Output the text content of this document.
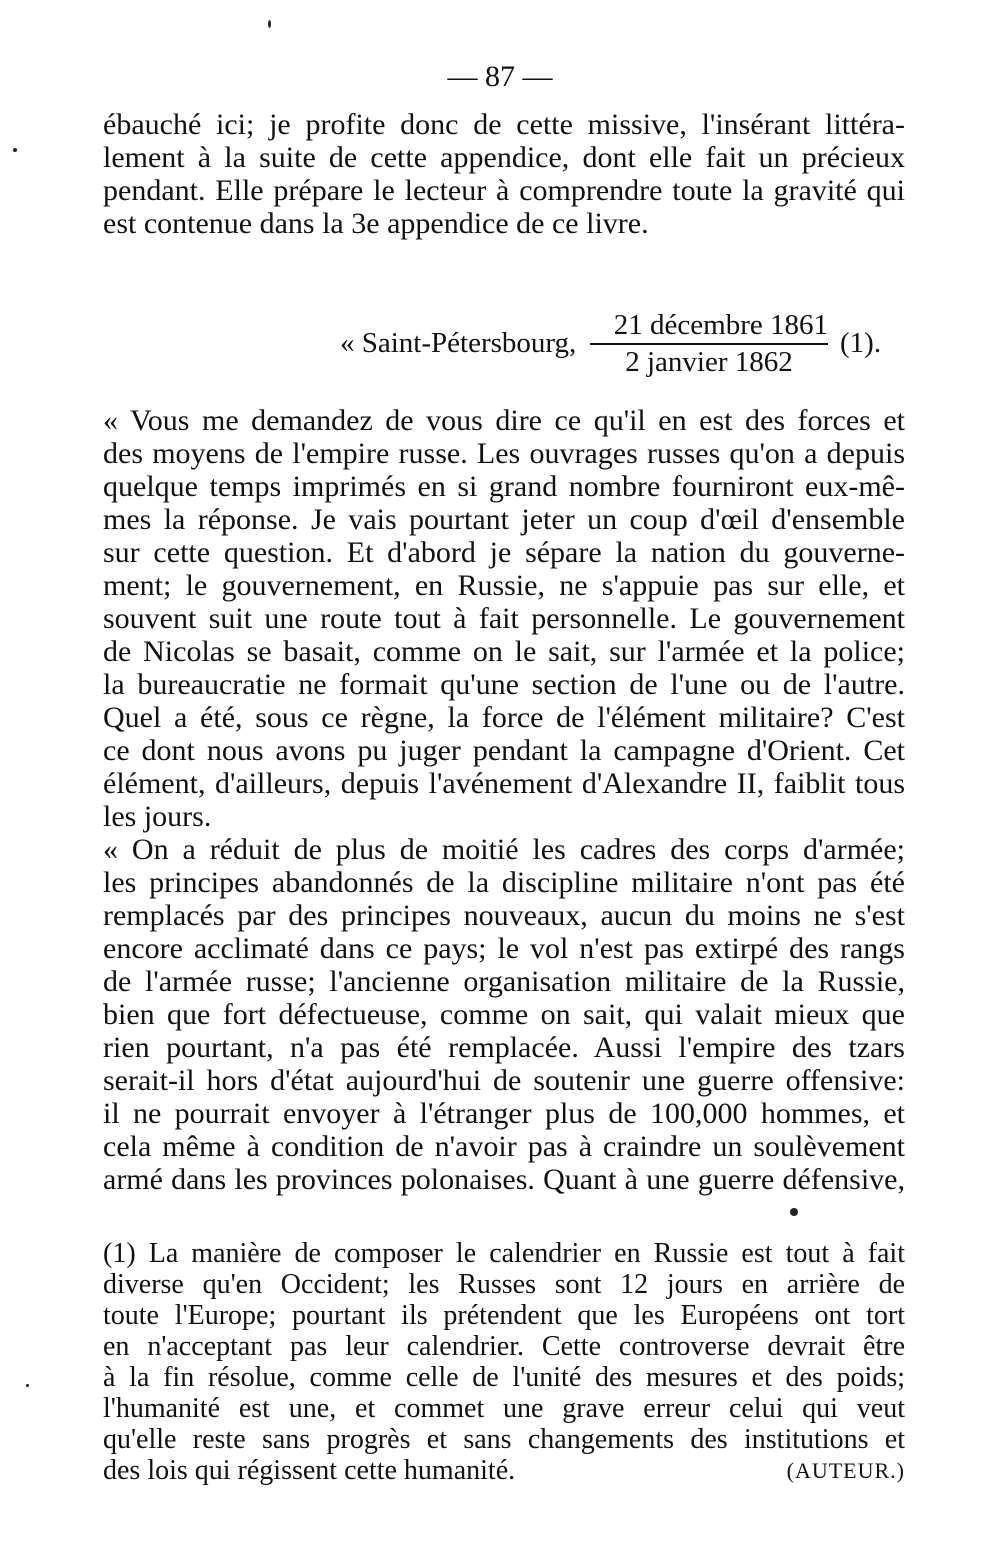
— 87 —
ébauché ici; je profite donc de cette missive, l'insérant littéra-
lement à la suite de cette appendice, dont elle fait un précieux
pendant. Elle prépare le lecteur à comprendre toute la gravité qui
est contenue dans la 3e appendice de ce livre.
« Saint-Pétersbourg,
21 décembre 1861
2 janvier 1862
(1).
« Vous me demandez de vous dire ce qu'il en est des forces et
des moyens de l'empire russe. Les ouvrages russes qu'on a depuis
quelque temps imprimés en si grand nombre fourniront eux-mê-
mes la réponse. Je vais pourtant jeter un coup d'œil d'ensemble
sur cette question. Et d'abord je sépare la nation du gouverne-
ment; le gouvernement, en Russie, ne s'appuie pas sur elle, et
souvent suit une route tout à fait personnelle. Le gouvernement
de Nicolas se basait, comme on le sait, sur l'armée et la police;
la bureaucratie ne formait qu'une section de l'une ou de l'autre.
Quel a été, sous ce règne, la force de l'élément militaire? C'est
ce dont nous avons pu juger pendant la campagne d'Orient. Cet
élément, d'ailleurs, depuis l'avénement d'Alexandre II, faiblit tous
les jours.
« On a réduit de plus de moitié les cadres des corps d'armée;
les principes abandonnés de la discipline militaire n'ont pas été
remplacés par des principes nouveaux, aucun du moins ne s'est
encore acclimaté dans ce pays; le vol n'est pas extirpé des rangs
de l'armée russe; l'ancienne organisation militaire de la Russie,
bien que fort défectueuse, comme on sait, qui valait mieux que
rien pourtant, n'a pas été remplacée. Aussi l'empire des tzars
serait-il hors d'état aujourd'hui de soutenir une guerre offensive:
il ne pourrait envoyer à l'étranger plus de 100,000 hommes, et
cela même à condition de n'avoir pas à craindre un soulèvement
armé dans les provinces polonaises. Quant à une guerre défensive,
(1) La manière de composer le calendrier en Russie est tout à fait
diverse qu'en Occident; les Russes sont 12 jours en arrière de
toute l'Europe; pourtant ils prétendent que les Européens ont tort
en n'acceptant pas leur calendrier. Cette controverse devrait être
à la fin résolue, comme celle de l'unité des mesures et des poids;
l'humanité est une, et commet une grave erreur celui qui veut
qu'elle reste sans progrès et sans changements des institutions et
des lois qui régissent cette humanité.	(AUTEUR.)
